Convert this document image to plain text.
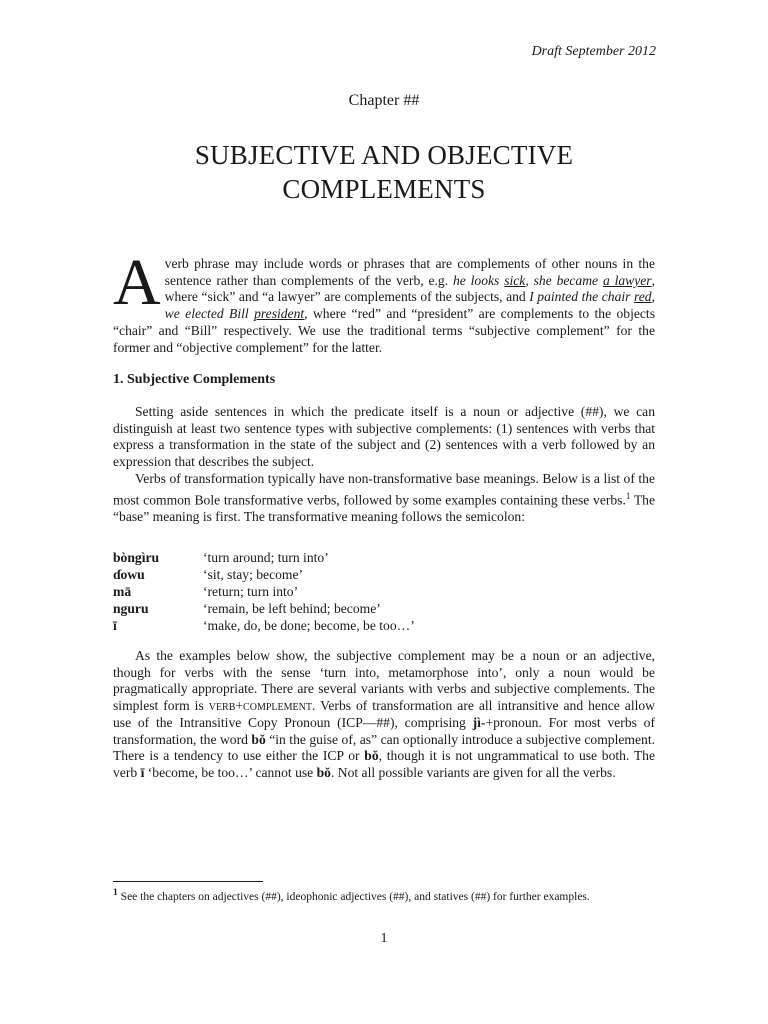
Draft September 2012
Chapter ##
SUBJECTIVE AND OBJECTIVE
COMPLEMENTS
A verb phrase may include words or phrases that are complements of other nouns in the sentence rather than complements of the verb, e.g. he looks sick, she became a lawyer, where “sick” and “a lawyer” are complements of the subjects, and I painted the chair red, we elected Bill president, where “red” and “president” are complements to the objects “chair” and “Bill” respectively. We use the traditional terms “subjective complement” for the former and “objective complement” for the latter.
1. Subjective Complements

Setting aside sentences in which the predicate itself is a noun or adjective (##), we can distinguish at least two sentence types with subjective complements: (1) sentences with verbs that express a transformation in the state of the subject and (2) sentences with a verb followed by an expression that describes the subject.

Verbs of transformation typically have non-transformative base meanings. Below is a list of the most common Bole transformative verbs, followed by some examples containing these verbs.$^1$ The “base” meaning is first. The transformative meaning follows the semicolon:

bòngìru	‘turn around; turn into’
ɗowu	‘sit, stay; become’
mā	‘return; turn into’
nguru	‘remain, be left behind; become’
ī	‘make, do, be done; become, be too…’

As the examples below show, the subjective complement may be a noun or an adjective, though for verbs with the sense ‘turn into, metamorphose into’, only a noun would be pragmatically appropriate. There are several variants with verbs and subjective complements. The simplest form is verb+complement. Verbs of transformation are all intransitive and hence allow use of the Intransitive Copy Pronoun (ICP—##), comprising jì-+pronoun. For most verbs of transformation, the word bǒ “in the guise of, as” can optionally introduce a subjective complement. There is a tendency to use either the ICP or bǒ, though it is not ungrammatical to use both. The verb ī ‘become, be too…’ cannot use bǒ. Not all possible variants are given for all the verbs.

$^1$ See the chapters on adjectives (##), ideophonic adjectives (##), and statives (##) for further examples.
1
